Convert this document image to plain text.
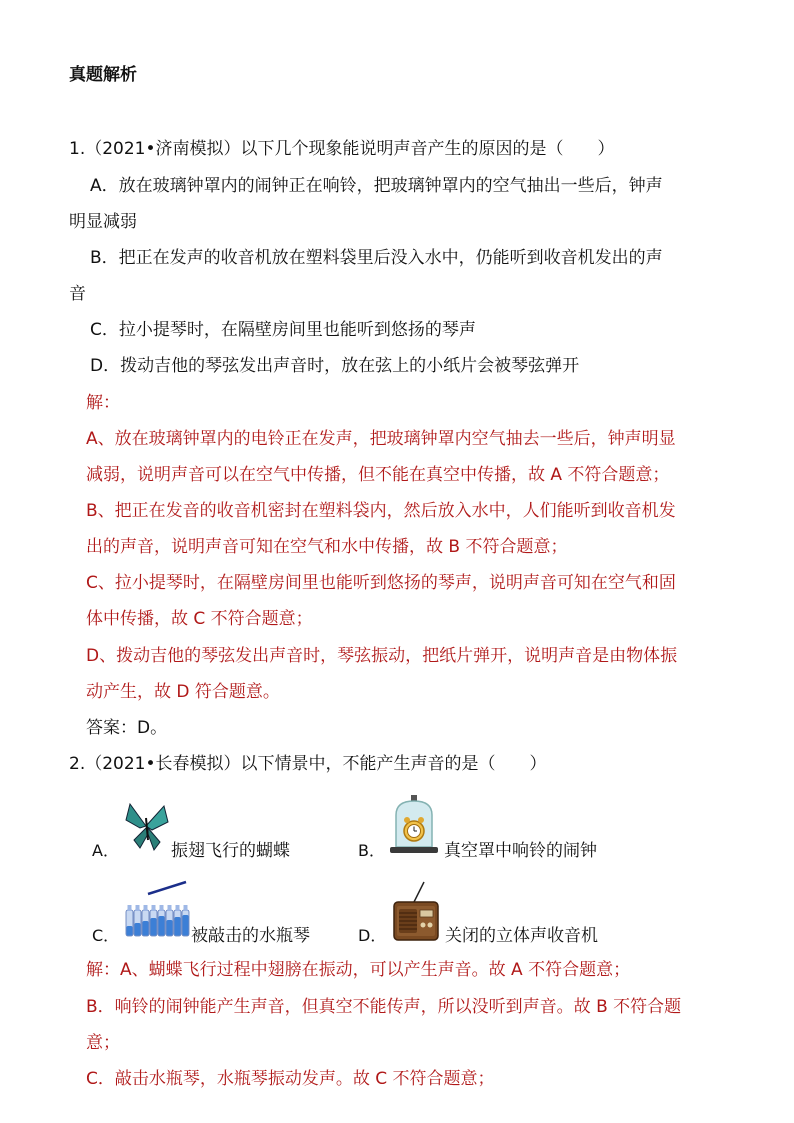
真题解析
1.（2021•济南模拟）以下几个现象能说明声音产生的原因的是（　　）
A．放在玻璃钟罩内的闹钟正在响铃，把玻璃钟罩内的空气抽出一些后，钟声
明显减弱
B．把正在发声的收音机放在塑料袋里后没入水中，仍能听到收音机发出的声
音
C．拉小提琴时，在隔壁房间里也能听到悠扬的琴声
D．拨动吉他的琴弦发出声音时，放在弦上的小纸片会被琴弦弹开
解：
A、放在玻璃钟罩内的电铃正在发声，把玻璃钟罩内空气抽去一些后，钟声明显
减弱，说明声音可以在空气中传播，但不能在真空中传播，故 A 不符合题意；
B、把正在发音的收音机密封在塑料袋内，然后放入水中，人们能听到收音机发
出的声音，说明声音可知在空气和水中传播，故 B 不符合题意；
C、拉小提琴时，在隔壁房间里也能听到悠扬的琴声，说明声音可知在空气和固
体中传播，故 C 不符合题意；
D、拨动吉他的琴弦发出声音时，琴弦振动，把纸片弹开，说明声音是由物体振
动产生，故 D 符合题意。
答案：D。
2.（2021•长春模拟）以下情景中，不能产生声音的是（　　）
A．	振翅飞行的蝴蝶	B．	真空罩中响铃的闹钟
C．	被敲击的水瓶琴	D．	关闭的立体声收音机
解：A、蝴蝶飞行过程中翅膀在振动，可以产生声音。故 A 不符合题意；
B．响铃的闹钟能产生声音，但真空不能传声，所以没听到声音。故 B 不符合题
意；
C．敲击水瓶琴，水瓶琴振动发声。故 C 不符合题意；
